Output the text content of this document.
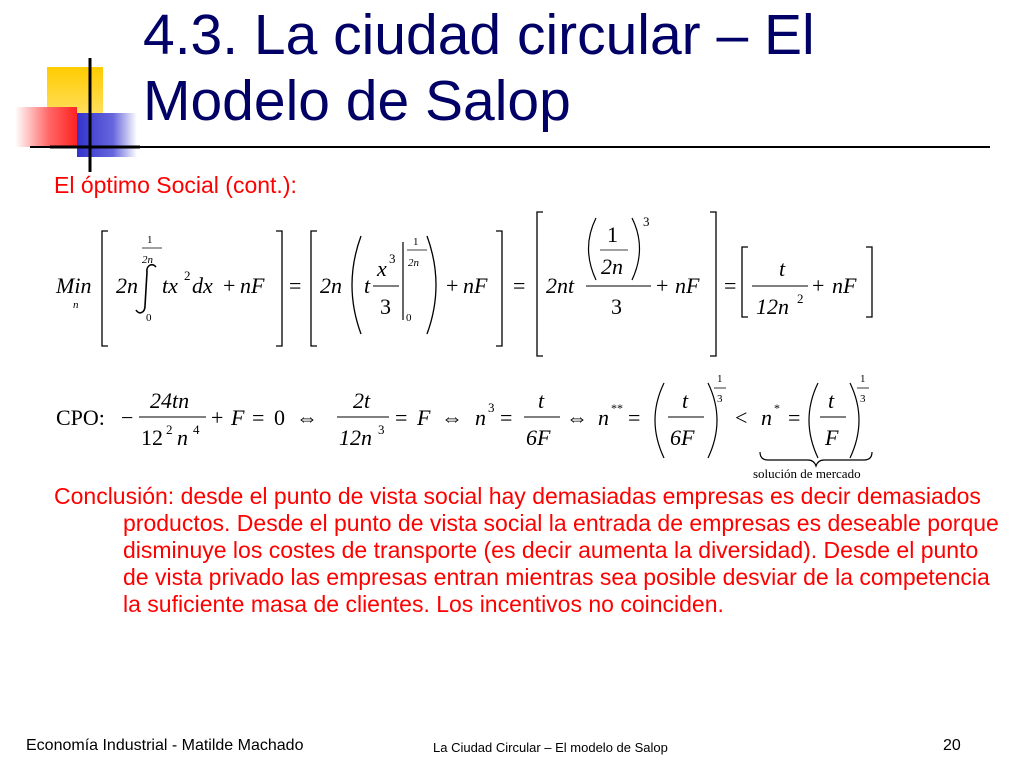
4.3. La ciudad circular – El
Modelo de Salop
El óptimo Social (cont.):
Min
n
2n
1
2n
0
tx 2 dx + nF = 2n t
x 3
3
1
2n
0
+ nF = 2nt
1
2n
3
3
+ nF =
t
12n 2
+ nF
CPO: −
24tn
12 2 n 4 + F = 0 ⇔
2t
12n 3 = F ⇔ n 3 =
t
6F
⇔ n ** =
t
6F
1
3
< n * =
t
F
1
3
solución de mercado

Conclusión: desde el punto de vista social hay demasiadas empresas es decir demasiados productos. Desde el punto de vista social la entrada de empresas es deseable porque disminuye los costes de transporte (es decir aumenta la diversidad). Desde el punto de vista privado las empresas entran mientras sea posible desviar de la competencia la suficiente masa de clientes. Los incentivos no coinciden.

Economía Industrial - Matilde Machado	La Ciudad Circular – El modelo de Salop	20
